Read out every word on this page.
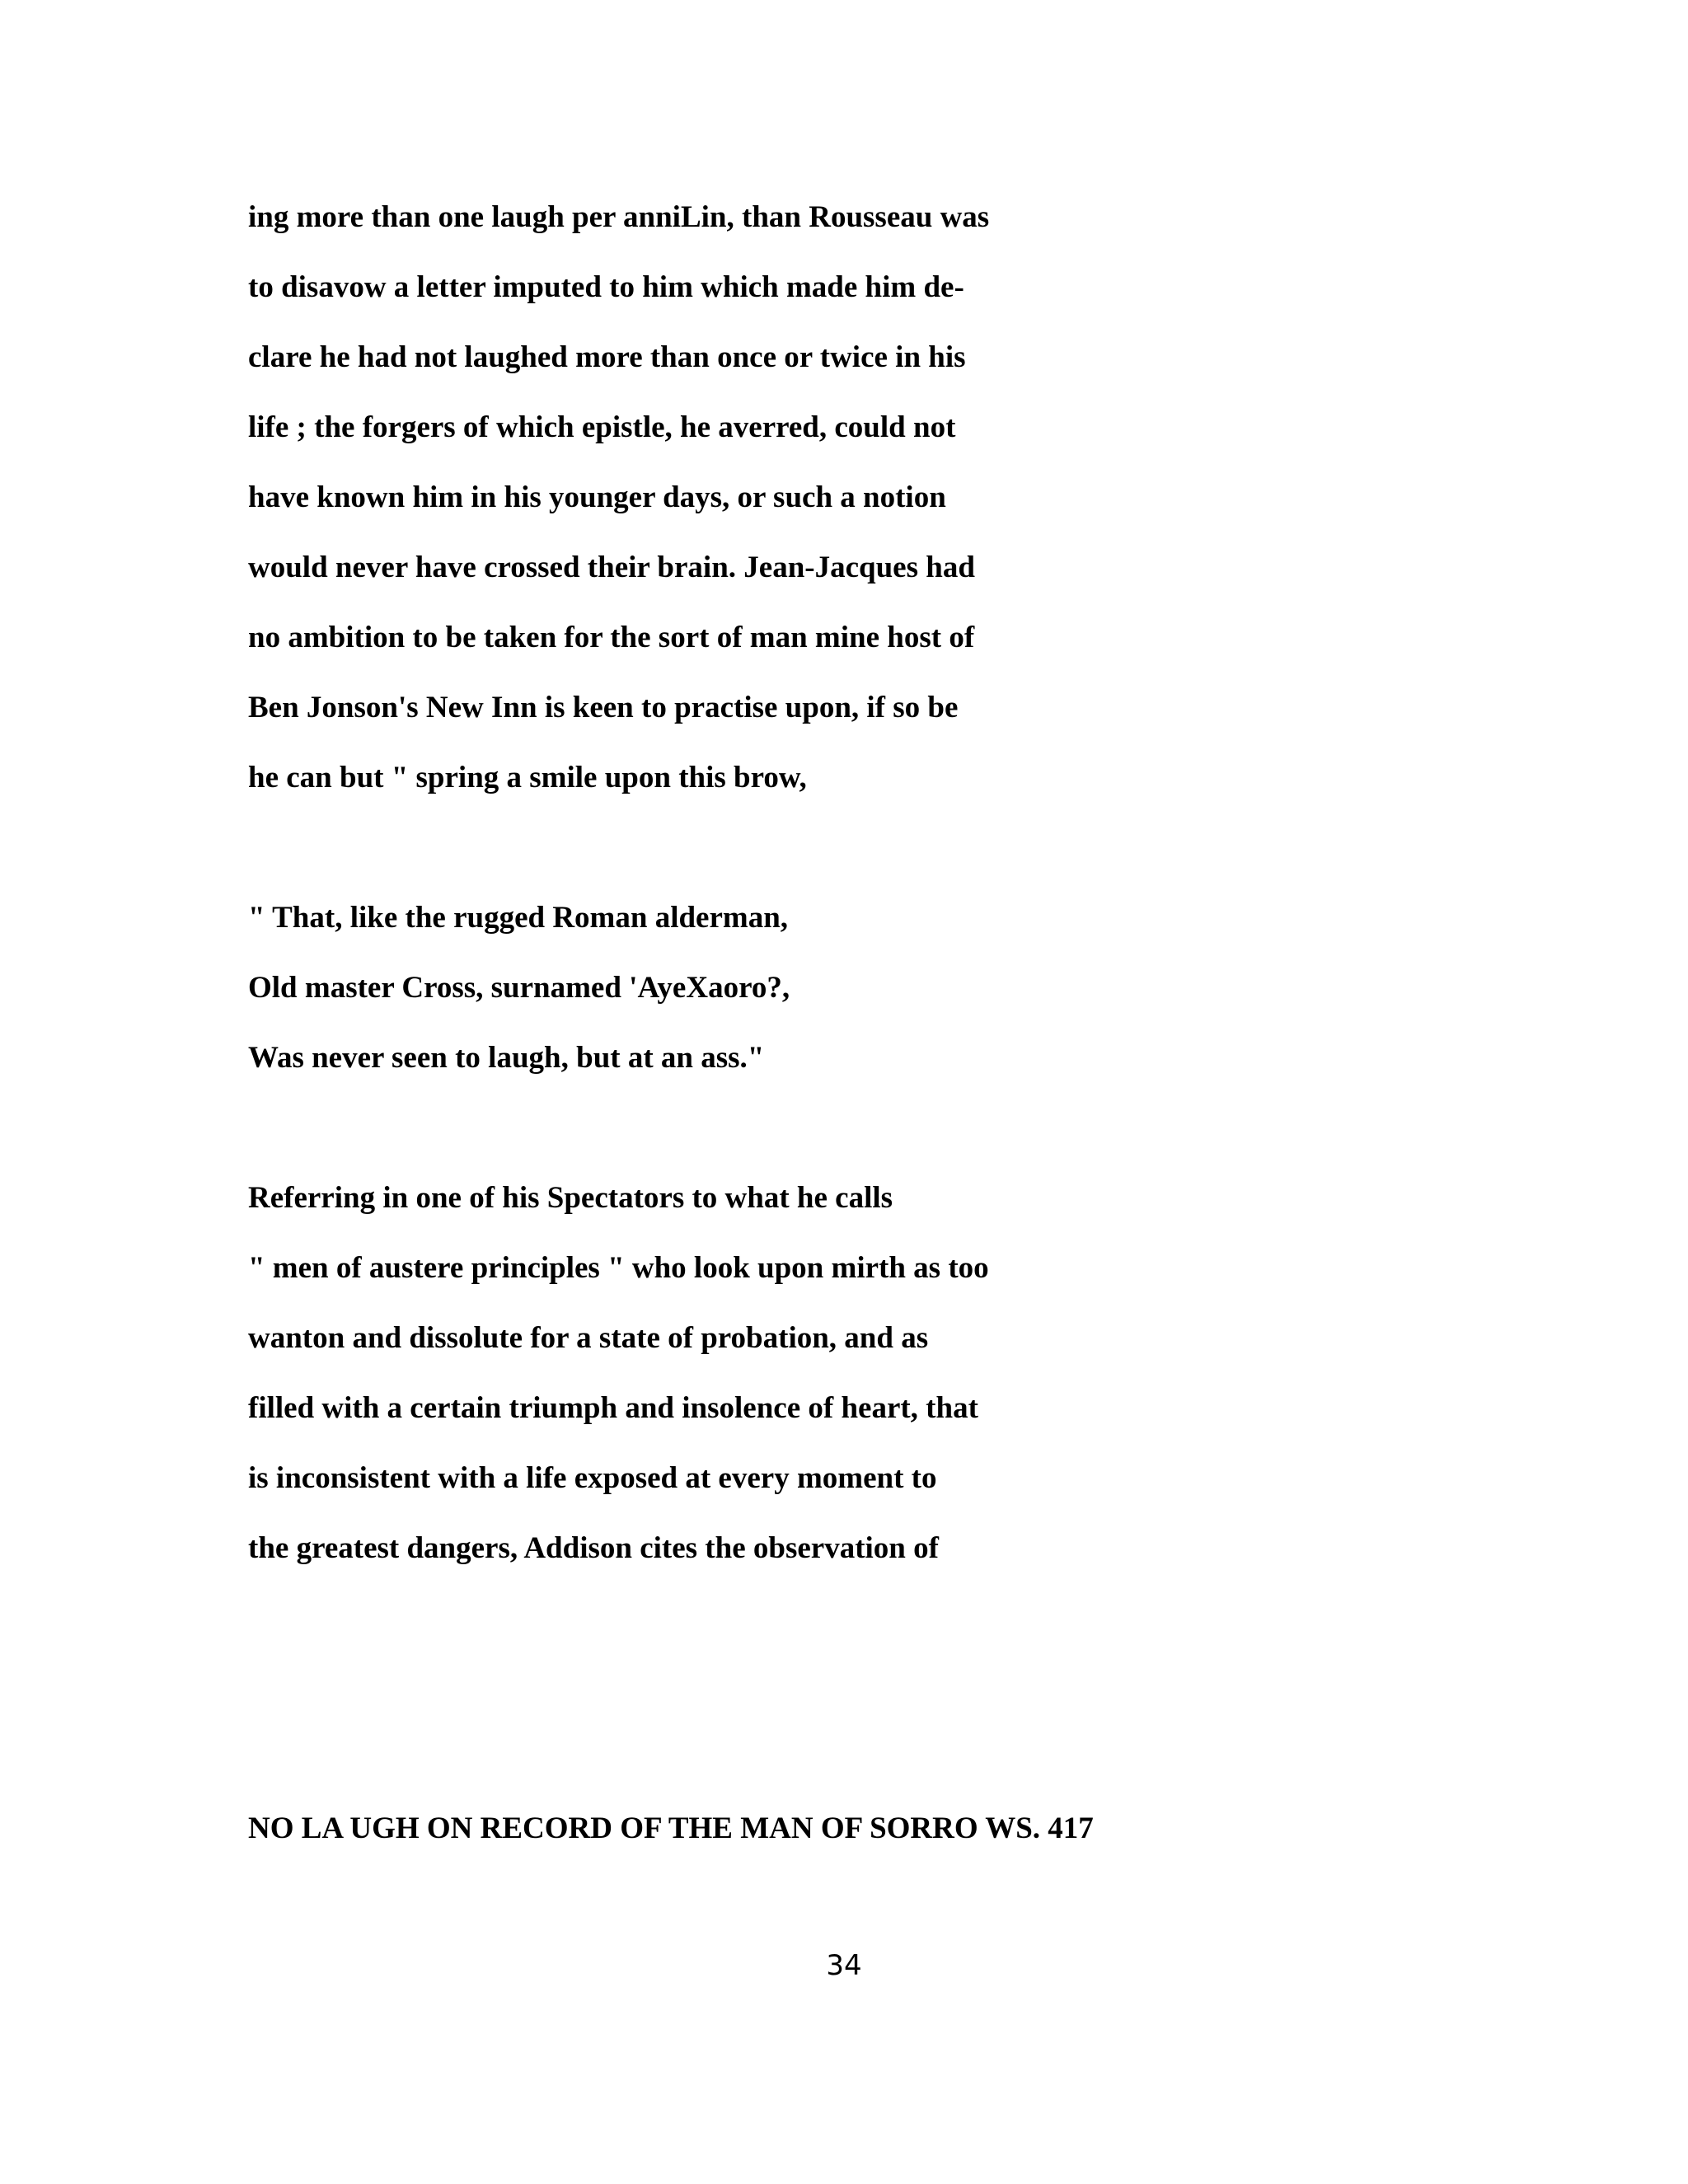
ing more than one laugh per anniLin, than Rousseau was
to disavow a letter imputed to him which made him de-
clare he had not laughed more than once or twice in his
life ; the forgers of which epistle, he averred, could not
have known him in his younger days, or such a notion
would never have crossed their brain. Jean-Jacques had
no ambition to be taken for the sort of man mine host of
Ben Jonson's New Inn is keen to practise upon, if so be
he can but " spring a smile upon this brow,
" That, like the rugged Roman alderman,
Old master Cross, surnamed 'AyeXaoro?,
Was never seen to laugh, but at an ass."
Referring in one of his Spectators to what he calls
" men of austere principles " who look upon mirth as too
wanton and dissolute for a state of probation, and as
filled with a certain triumph and insolence of heart, that
is inconsistent with a life exposed at every moment to
the greatest dangers, Addison cites the observation of
NO LA UGH ON RECORD OF THE MAN OF SORRO WS. 417
34
